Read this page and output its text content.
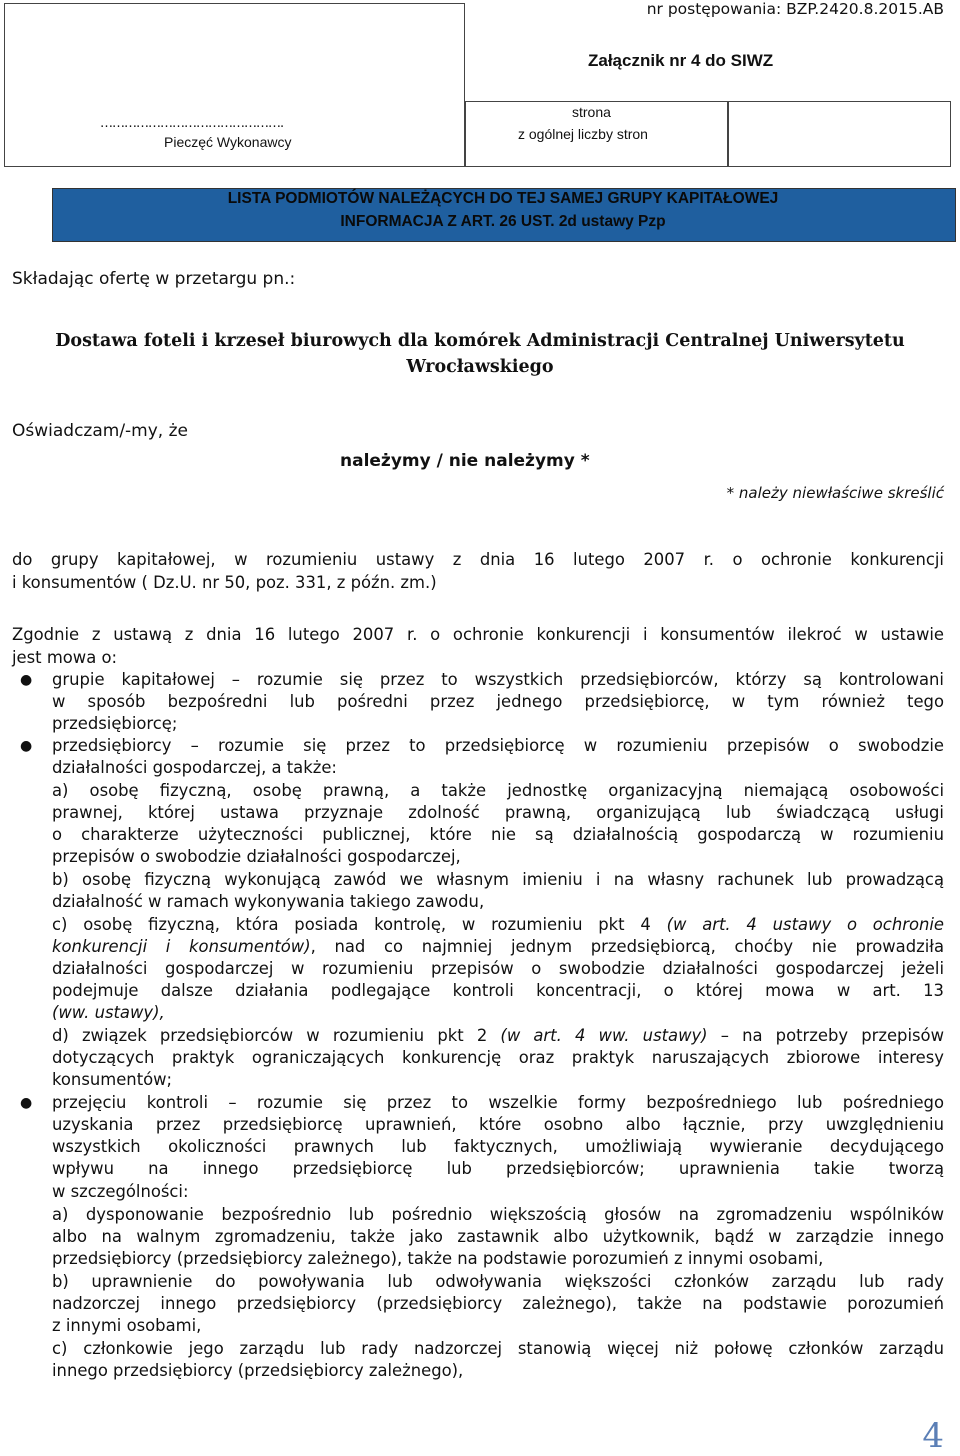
nr postępowania: BZP.2420.8.2015.AB
Załącznik nr 4 do SIWZ
……………………………………….
Pieczęć Wykonawcy
strona
z ogólnej liczby stron
LISTA PODMIOTÓW NALEŻĄCYCH DO TEJ SAMEJ GRUPY KAPITAŁOWEJ
INFORMACJA Z ART. 26 UST. 2d ustawy Pzp
Składając ofertę w przetargu pn.:
Dostawa foteli i krzeseł biurowych dla komórek Administracji Centralnej Uniwersytetu
Wrocławskiego
Oświadczam/-my, że
należymy / nie należymy *
* należy niewłaściwe skreślić
do grupy kapitałowej, w rozumieniu ustawy z dnia 16 lutego 2007 r. o ochronie konkurencji
i konsumentów ( Dz.U. nr 50, poz. 331, z późn. zm.)
Zgodnie z ustawą z dnia 16 lutego 2007 r. o ochronie konkurencji i konsumentów ilekroć w ustawie
jest mowa o:
● grupie kapitałowej – rozumie się przez to wszystkich przedsiębiorców, którzy są kontrolowani
w sposób bezpośredni lub pośredni przez jednego przedsiębiorcę, w tym również tego
przedsiębiorcę;
● przedsiębiorcy – rozumie się przez to przedsiębiorcę w rozumieniu przepisów o swobodzie
działalności gospodarczej, a także:
a) osobę fizyczną, osobę prawną, a także jednostkę organizacyjną niemającą osobowości
prawnej, której ustawa przyznaje zdolność prawną, organizującą lub świadczącą usługi
o charakterze użyteczności publicznej, które nie są działalnością gospodarczą w rozumieniu
przepisów o swobodzie działalności gospodarczej,
b) osobę fizyczną wykonującą zawód we własnym imieniu i na własny rachunek lub prowadzącą
działalność w ramach wykonywania takiego zawodu,
c) osobę fizyczną, która posiada kontrolę, w rozumieniu pkt 4 (w art. 4 ustawy o ochronie
konkurencji i konsumentów), nad co najmniej jednym przedsiębiorcą, choćby nie prowadziła
działalności gospodarczej w rozumieniu przepisów o swobodzie działalności gospodarczej jeżeli
podejmuje dalsze działania podlegające kontroli koncentracji, o której mowa w art. 13
(ww. ustawy),
d) związek przedsiębiorców w rozumieniu pkt 2 (w art. 4 ww. ustawy) – na potrzeby przepisów
dotyczących praktyk ograniczających konkurencję oraz praktyk naruszających zbiorowe interesy
konsumentów;
● przejęciu kontroli – rozumie się przez to wszelkie formy bezpośredniego lub pośredniego
uzyskania przez przedsiębiorcę uprawnień, które osobno albo łącznie, przy uwzględnieniu
wszystkich okoliczności prawnych lub faktycznych, umożliwiają wywieranie decydującego
wpływu na innego przedsiębiorcę lub przedsiębiorców; uprawnienia takie tworzą
w szczególności:
a) dysponowanie bezpośrednio lub pośrednio większością głosów na zgromadzeniu wspólników
albo na walnym zgromadzeniu, także jako zastawnik albo użytkownik, bądź w zarządzie innego
przedsiębiorcy (przedsiębiorcy zależnego), także na podstawie porozumień z innymi osobami,
b) uprawnienie do powoływania lub odwoływania większości członków zarządu lub rady
nadzorczej innego przedsiębiorcy (przedsiębiorcy zależnego), także na podstawie porozumień
z innymi osobami,
c) członkowie jego zarządu lub rady nadzorczej stanowią więcej niż połowę członków zarządu
innego przedsiębiorcy (przedsiębiorcy zależnego),
4
